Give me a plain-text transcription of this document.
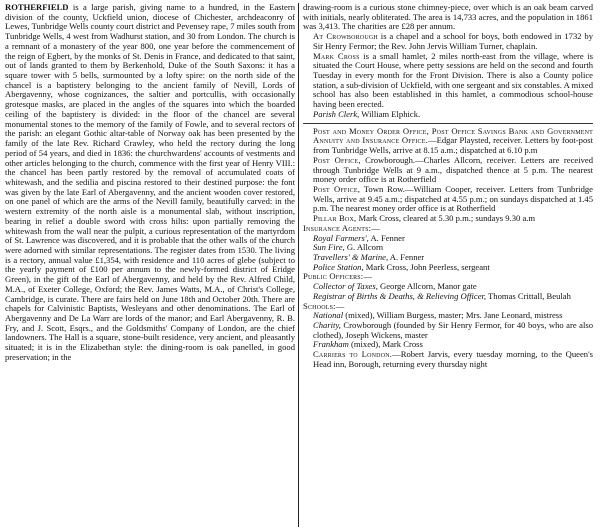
ROTHERFIELD is a large parish, giving name to a hundred, in the Eastern division of the county, Uckfield union, diocese of Chichester, archdeaconry of Lewes, Tunbridge Wells county court district and Pevensey rape, 7 miles south from Tunbridge Wells, 4 west from Wadhurst station, and 30 from London. The church is a remnant of a monastery of the year 800, one year before the commencement of the reign of Egbert, by the monks of St. Denis in France, and dedicated to that saint, out of lands granted to them by Berkenhold, Duke of the South Saxons: it has a square tower with 5 bells, surmounted by a lofty spire: on the north side of the chancel is a baptistery belonging to the ancient family of Nevill, Lords of Abergavenny, whose cognizances, the saltier and portcullis, with occasionally grotesque masks, are placed in the angles of the squares into which the boarded ceiling of the baptistery is divided: in the floor of the chancel are several monumental stones to the memory of the family of Fowle, and to several rectors of the parish: an elegant Gothic altar-table of Norway oak has been presented by the family of the late Rev. Richard Crawley, who held the rectory during the long period of 54 years, and died in 1836: the churchwardens' accounts of vestments and other articles belonging to the church, commence with the first year of Henry VIII.: the chancel has been partly restored by the removal of accumulated coats of whitewash, and the sedilia and piscina restored to their destined purpose: the font was given by the late Earl of Abergavenny, and the ancient wooden cover restored, on one panel of which are the arms of the Nevill family, beautifully carved: in the western extremity of the north aisle is a monumental slab, without inscription, bearing in relief a double sword with cross hilts: upon partially removing the whitewash from the wall near the pulpit, a curious representation of the martyrdom of St. Lawrence was discovered, and it is probable that the other walls of the church were adorned with similar representations. The register dates from 1530. The living is a rectory, annual value £1,354, with residence and 110 acres of glebe (subject to the yearly payment of £100 per annum to the newly-formed district of Eridge Green), in the gift of the Earl of Abergavenny, and held by the Rev. Alfred Child, M.A., of Exeter College, Oxford; the Rev. James Watts, M.A., of Christ's College, Cambridge, is curate. There are fairs held on June 18th and October 20th. There are chapels for Calvinistic Baptists, Wesleyans and other denominations. The Earl of Abergavenny and De La Warr are lords of the manor; and Earl Abergavenny, R. B. Fry, and J. Scott, Esqrs., and the Goldsmiths' Company of London, are the chief landowners. The Hall is a square, stone-built residence, very ancient, and pleasantly situated; it is in the Elizabethan style: the dining-room is oak panelled, in good preservation; in the

drawing-room is a curious stone chimney-piece, over which is an oak beam carved with initials, nearly obliterated. The area is 14,733 acres, and the population in 1861 was 3,413. The charities are £28 per annum.

At Crowborough is a chapel and a school for boys, both endowed in 1732 by Sir Henry Fermor; the Rev. John Jervis William Turner, chaplain.

Mark Cross is a small hamlet, 2 miles north-east from the village, where is situated the Court House, where petty sessions are held on the second and fourth Tuesday in every month for the Front Division. There is also a County police station, a sub-division of Uckfield, with one sergeant and six constables. A mixed school has also been established in this hamlet, a commodious school-house having been erected.

Parish Clerk, William Elphick.

Post and Money Order Office, Post Office Savings Bank and Government Annuity and Insurance Office.—Edgar Playsted, receiver. Letters by foot-post from Tunbridge Wells, arrive at 8.15 a.m.; dispatched at 6.10 p.m

Post Office, Crowborough.—Charles Allcorn, receiver. Letters are received through Tunbridge Wells at 9 a.m., dispatched thence at 5 p.m. The nearest money order office is at Rotherfield

Post Office, Town Row.—William Cooper, receiver. Letters from Tunbridge Wells, arrive at 9.45 a.m.; dispatched at 4.55 p.m.; on sundays dispatched at 1.45 p.m. The nearest money order office is at Rotherfield

Pillar Box, Mark Cross, cleared at 5.30 p.m.; sundays 9.30 a.m

Insurance Agents:—

Royal Farmers', A. Fenner

Sun Fire, G. Allcorn

Travellers' & Marine, A. Fenner

Police Station, Mark Cross, John Peerless, sergeant

Public Officers:—

Collector of Taxes, George Allcorn, Manor gate

Registrar of Births & Deaths, & Relieving Officer, Thomas Crittall, Beulah

Schools:—

National (mixed), William Burgess, master; Mrs. Jane Leonard, mistress

Charity, Crowborough (founded by Sir Henry Fermor, for 40 boys, who are also clothed), Joseph Wickens, master

Frankham (mixed), Mark Cross

Carriers to London.—Robert Jarvis, every tuesday morning, to the Queen's Head inn, Borough, returning every thursday night
